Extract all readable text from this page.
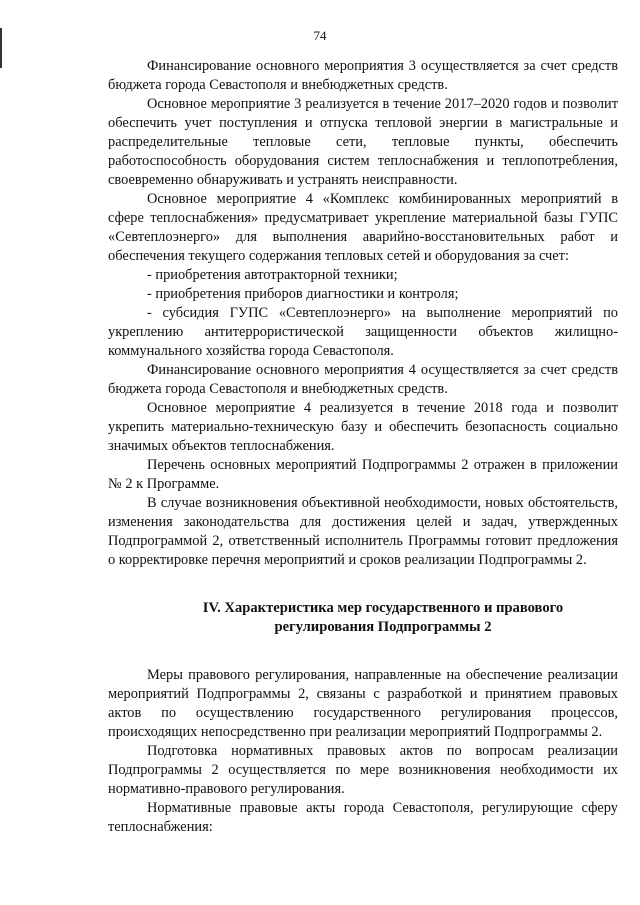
74

Финансирование основного мероприятия 3 осуществляется за счет средств бюджета города Севастополя и внебюджетных средств.

Основное мероприятие 3 реализуется в течение 2017–2020 годов и позволит обеспечить учет поступления и отпуска тепловой энергии в магистральные и распределительные тепловые сети, тепловые пункты, обеспечить работоспособность оборудования систем теплоснабжения и теплопотребления, своевременно обнаруживать и устранять неисправности.

Основное мероприятие 4 «Комплекс комбинированных мероприятий в сфере теплоснабжения» предусматривает укрепление материальной базы ГУПС «Севтеплоэнерго» для выполнения аварийно-восстановительных работ и обеспечения текущего содержания тепловых сетей и оборудования за счет:

- приобретения автотракторной техники;

- приобретения приборов диагностики и контроля;

- субсидия ГУПС «Севтеплоэнерго» на выполнение мероприятий по укреплению антитеррористической защищенности объектов жилищно-коммунального хозяйства города Севастополя.

Финансирование основного мероприятия 4 осуществляется за счет средств бюджета города Севастополя и внебюджетных средств.

Основное мероприятие 4 реализуется в течение 2018 года и позволит укрепить материально-техническую базу и обеспечить безопасность социально значимых объектов теплоснабжения.

Перечень основных мероприятий Подпрограммы 2 отражен в приложении № 2 к Программе.

В случае возникновения объективной необходимости, новых обстоятельств, изменения законодательства для достижения целей и задач, утвержденных Подпрограммой 2, ответственный исполнитель Программы готовит предложения о корректировке перечня мероприятий и сроков реализации Подпрограммы 2.

IV. Характеристика мер государственного и правового
регулирования Подпрограммы 2

Меры правового регулирования, направленные на обеспечение реализации мероприятий Подпрограммы 2, связаны с разработкой и принятием правовых актов по осуществлению государственного регулирования процессов, происходящих непосредственно при реализации мероприятий Подпрограммы 2.

Подготовка нормативных правовых актов по вопросам реализации Подпрограммы 2 осуществляется по мере возникновения необходимости их нормативно-правового регулирования.

Нормативные правовые акты города Севастополя, регулирующие сферу теплоснабжения:
